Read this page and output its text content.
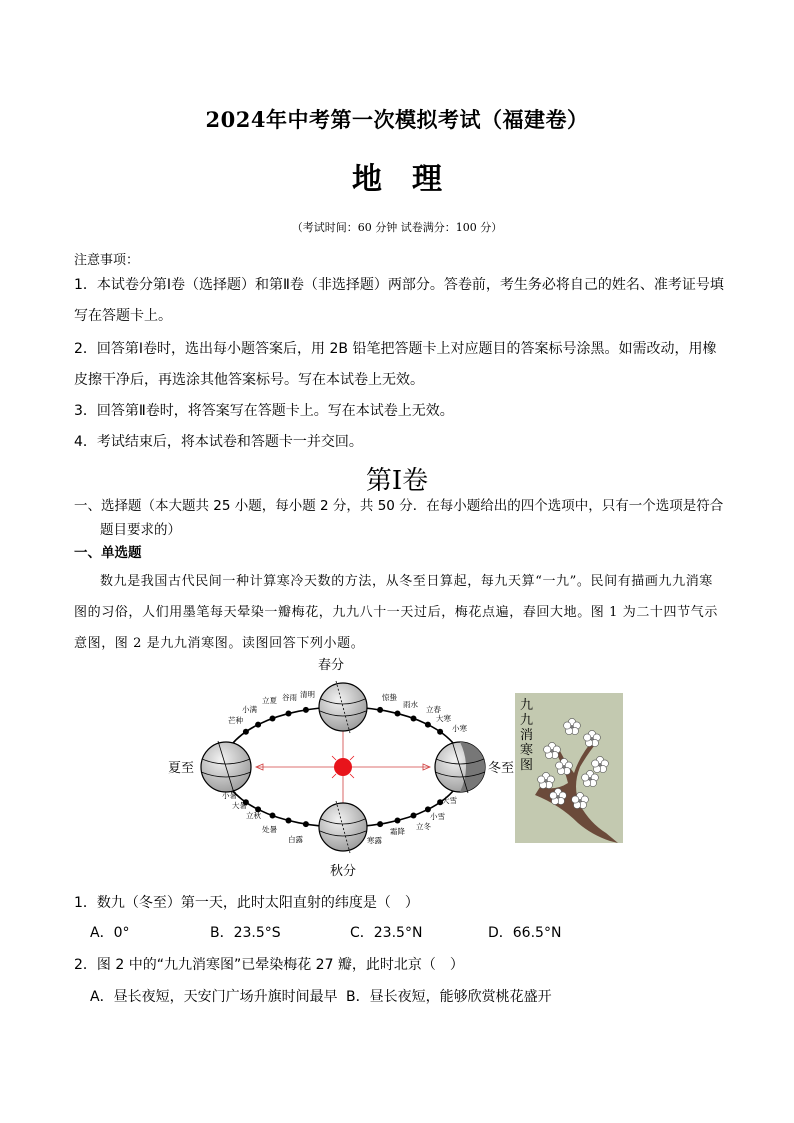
2024年中考第一次模拟考试（福建卷）
地理
（考试时间：60 分钟 试卷满分：100 分）
注意事项：
1．本试卷分第Ⅰ卷（选择题）和第Ⅱ卷（非选择题）两部分。答卷前，考生务必将自己的姓名、准考证号填写在答题卡上。
2．回答第Ⅰ卷时，选出每小题答案后，用 2B 铅笔把答题卡上对应题目的答案标号涂黑。如需改动，用橡皮擦干净后，再选涂其他答案标号。写在本试卷上无效。
3．回答第Ⅱ卷时，将答案写在答题卡上。写在本试卷上无效。
4．考试结束后，将本试卷和答题卡一并交回。
第Ⅰ卷
一、选择题（本大题共 25 小题，每小题 2 分，共 50 分．在每小题给出的四个选项中，只有一个选项是符合题目要求的）
一、单选题
数九是我国古代民间一种计算寒冷天数的方法，从冬至日算起，每九天算“一九”。民间有描画九九消寒图的习俗，人们用墨笔每天晕染一瓣梅花，九九八十一天过后，梅花点遍，春回大地。图 1 为二十四节气示意图，图 2 是九九消寒图。读图回答下列小题。
春分
夏至
秋分
冬至
立夏
小满
芒种
谷雨 清明	惊蛰
雨水
立春
大寒
小寒
大雪
小雪
立冬
霜降
寒露
白露
处暑
立秋
大暑
小暑
九 九 消 寒 图
1．数九（冬至）第一天，此时太阳直射的纬度是（　）
A．0°	B．23.5°S	C．23.5°N	D．66.5°N
2．图 2 中的“九九消寒图”已晕染梅花 27 瓣，此时北京（　）
A．昼长夜短，天安门广场升旗时间最早 B．昼长夜短，能够欣赏桃花盛开
